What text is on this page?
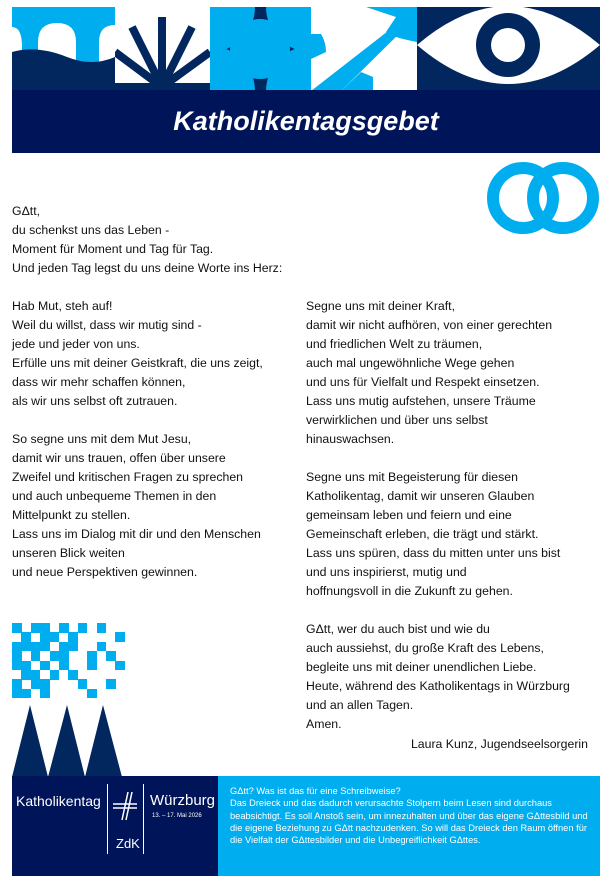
Katholikentagsgebet

GΔtt,
du schenkst uns das Leben -
Moment für Moment und Tag für Tag.
Und jeden Tag legst du uns deine Worte ins Herz:

Hab Mut, steh auf!
Weil du willst, dass wir mutig sind -
jede und jeder von uns.
Erfülle uns mit deiner Geistkraft, die uns zeigt,
dass wir mehr schaffen können,
als wir uns selbst oft zutrauen.

So segne uns mit dem Mut Jesu,
damit wir uns trauen, offen über unsere
Zweifel und kritischen Fragen zu sprechen
und auch unbequeme Themen in den
Mittelpunkt zu stellen.
Lass uns im Dialog mit dir und den Menschen
unseren Blick weiten
und neue Perspektiven gewinnen.

Segne uns mit deiner Kraft,
damit wir nicht aufhören, von einer gerechten
und friedlichen Welt zu träumen,
auch mal ungewöhnliche Wege gehen
und uns für Vielfalt und Respekt einsetzen.
Lass uns mutig aufstehen, unsere Träume
verwirklichen und über uns selbst
hinauswachsen.

Segne uns mit Begeisterung für diesen
Katholikentag, damit wir unseren Glauben
gemeinsam leben und feiern und eine
Gemeinschaft erleben, die trägt und stärkt.
Lass uns spüren, dass du mitten unter uns bist
und uns inspirierst, mutig und
hoffnungsvoll in die Zukunft zu gehen.

GΔtt, wer du auch bist und wie du
auch aussiehst, du große Kraft des Lebens,
begleite uns mit deiner unendlichen Liebe.
Heute, während des Katholikentags in Würzburg
und an allen Tagen.
Amen.

Laura Kunz, Jugendseelsorgerin
Katholikentag	Würzburg
13. – 17. Mai 2026
ZdK
GΔtt? Was ist das für eine Schreibweise?
Das Dreieck und das dadurch verursachte Stolpern beim Lesen sind durchaus beabsichtigt. Es soll Anstoß sein, um innezuhalten und über das eigene GΔttesbild und die eigene Beziehung zu GΔtt nachzudenken. So will das Dreieck den Raum öffnen für die Vielfalt der GΔttesbilder und die Unbegreiflichkeit GΔttes.
